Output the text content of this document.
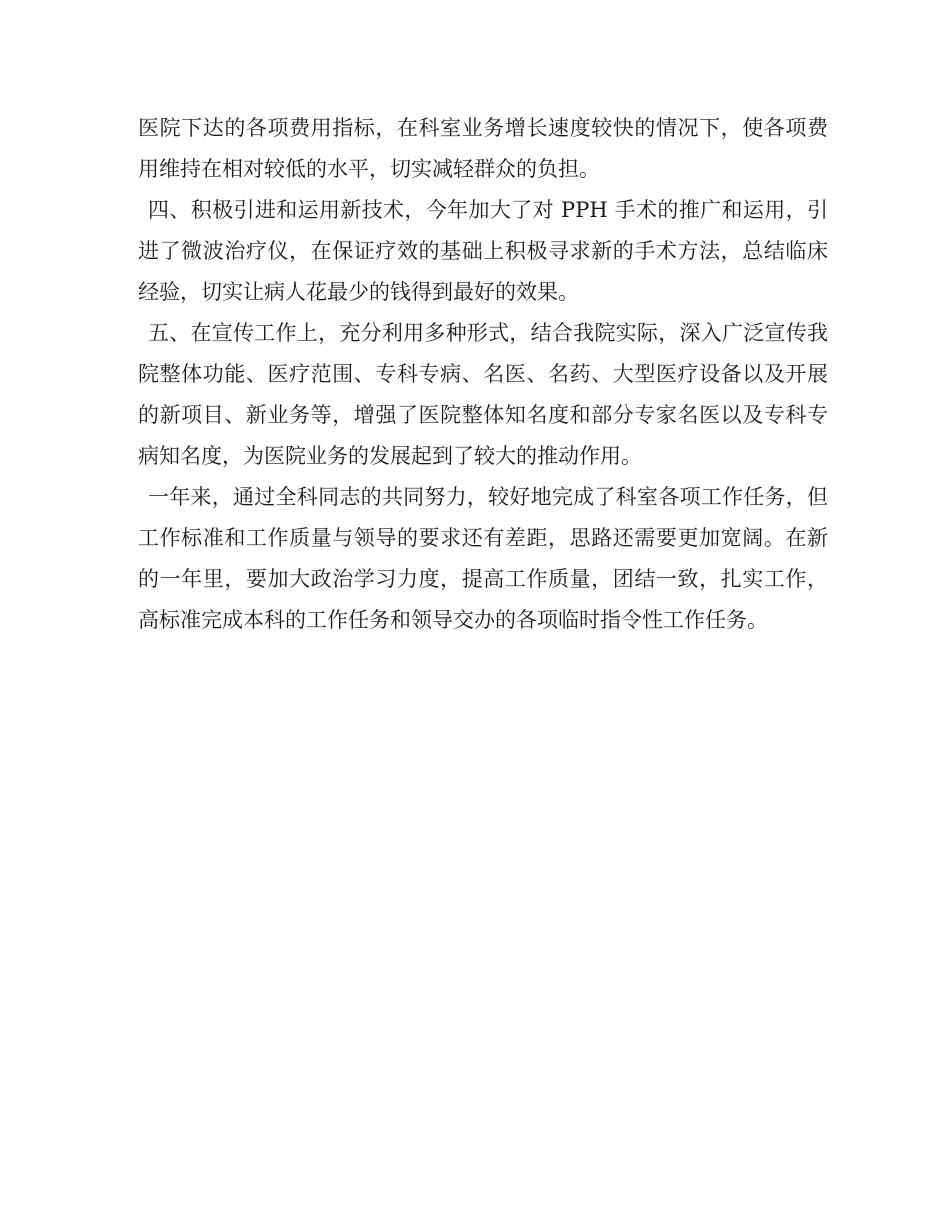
医院下达的各项费用指标，在科室业务增长速度较快的情况下，使各项费用维持在相对较低的水平，切实减轻群众的负担。

四、积极引进和运用新技术，今年加大了对 PPH 手术的推广和运用，引进了微波治疗仪，在保证疗效的基础上积极寻求新的手术方法，总结临床经验，切实让病人花最少的钱得到最好的效果。

五、在宣传工作上，充分利用多种形式，结合我院实际，深入广泛宣传我院整体功能、医疗范围、专科专病、名医、名药、大型医疗设备以及开展的新项目、新业务等，增强了医院整体知名度和部分专家名医以及专科专病知名度，为医院业务的发展起到了较大的推动作用。

一年来，通过全科同志的共同努力，较好地完成了科室各项工作任务，但工作标准和工作质量与领导的要求还有差距，思路还需要更加宽阔。在新的一年里，要加大政治学习力度，提高工作质量，团结一致，扎实工作，高标准完成本科的工作任务和领导交办的各项临时指令性工作任务。
